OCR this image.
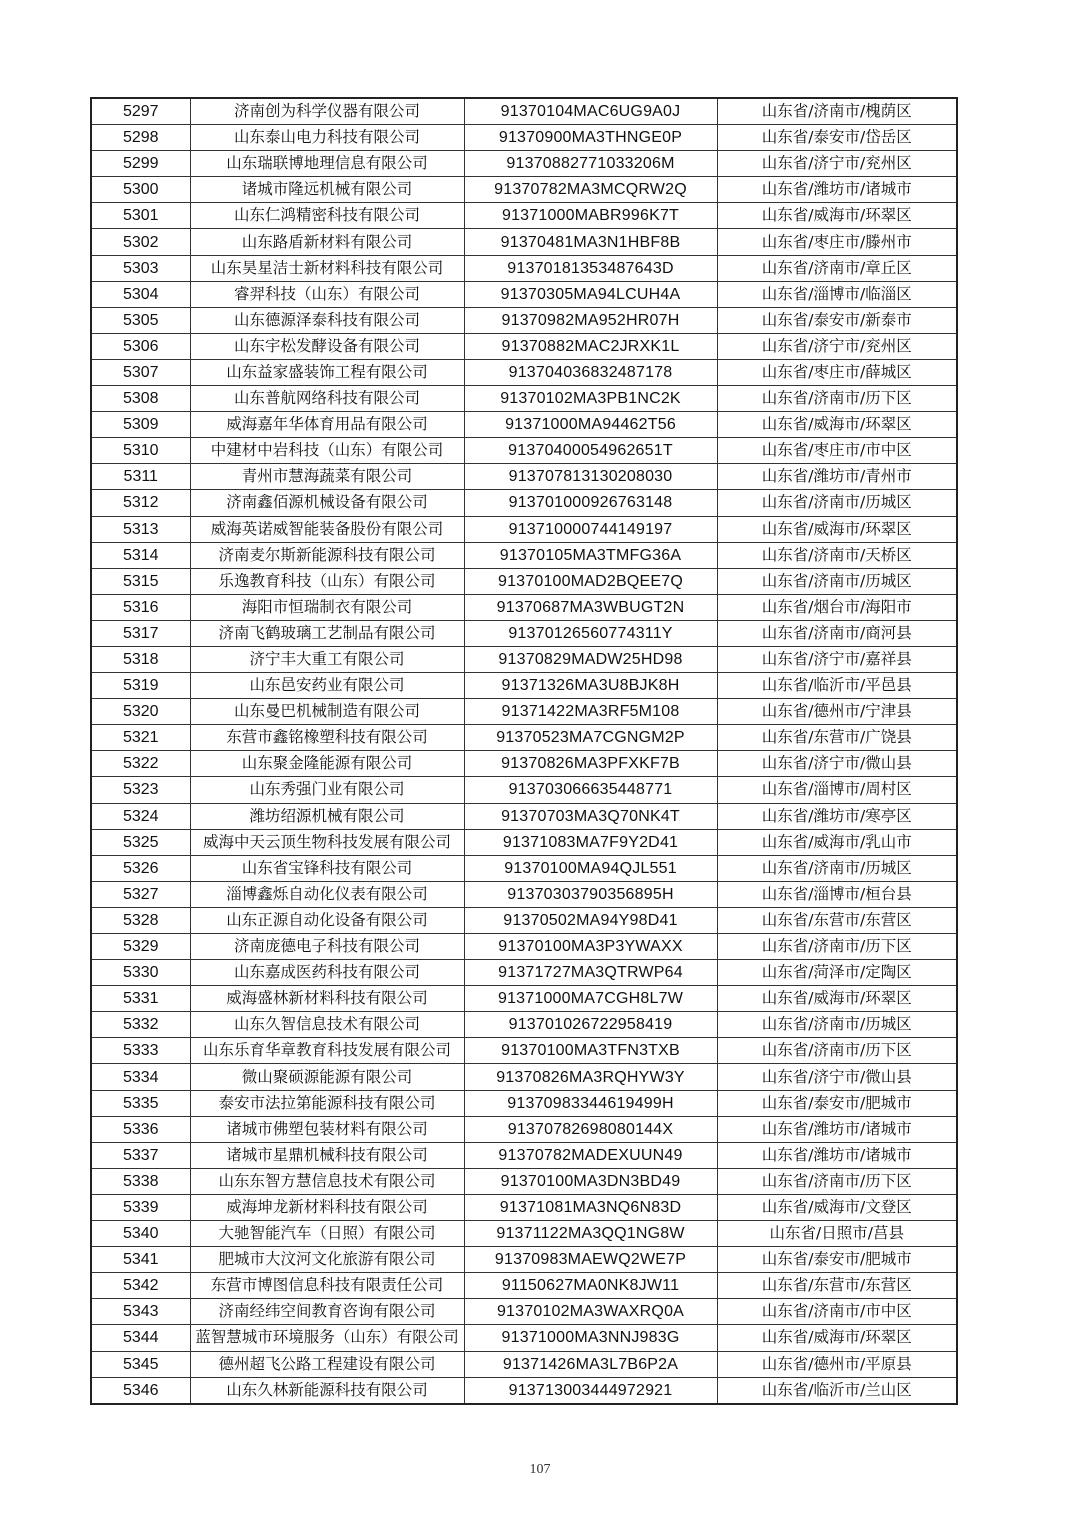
5297	济南创为科学仪器有限公司	91370104MAC6UG9A0J	山东省/济南市/槐荫区
5298	山东泰山电力科技有限公司	91370900MA3THNGE0P	山东省/泰安市/岱岳区
5299	山东瑞联博地理信息有限公司	91370882771033206M	山东省/济宁市/兖州区
5300	诸城市隆远机械有限公司	91370782MA3MCQRW2Q	山东省/潍坊市/诸城市
5301	山东仁鸿精密科技有限公司	91371000MABR996K7T	山东省/威海市/环翠区
5302	山东路盾新材料有限公司	91370481MA3N1HBF8B	山东省/枣庄市/滕州市
5303	山东昊星洁士新材料科技有限公司	91370181353487643D	山东省/济南市/章丘区
5304	睿羿科技（山东）有限公司	91370305MA94LCUH4A	山东省/淄博市/临淄区
5305	山东德源泽泰科技有限公司	91370982MA952HR07H	山东省/泰安市/新泰市
5306	山东宇松发酵设备有限公司	91370882MAC2JRXK1L	山东省/济宁市/兖州区
5307	山东益家盛装饰工程有限公司	913704036832487178	山东省/枣庄市/薛城区
5308	山东普航网络科技有限公司	91370102MA3PB1NC2K	山东省/济南市/历下区
5309	威海嘉年华体育用品有限公司	91371000MA94462T56	山东省/威海市/环翠区
5310	中建材中岩科技（山东）有限公司	91370400054962651T	山东省/枣庄市/市中区
5311	青州市慧海蔬菜有限公司	913707813130208030	山东省/潍坊市/青州市
5312	济南鑫佰源机械设备有限公司	913701000926763148	山东省/济南市/历城区
5313	威海英诺威智能装备股份有限公司	913710000744149197	山东省/威海市/环翠区
5314	济南麦尔斯新能源科技有限公司	91370105MA3TMFG36A	山东省/济南市/天桥区
5315	乐逸教育科技（山东）有限公司	91370100MAD2BQEE7Q	山东省/济南市/历城区
5316	海阳市恒瑞制衣有限公司	91370687MA3WBUGT2N	山东省/烟台市/海阳市
5317	济南飞鹤玻璃工艺制品有限公司	91370126560774311Y	山东省/济南市/商河县
5318	济宁丰大重工有限公司	91370829MADW25HD98	山东省/济宁市/嘉祥县
5319	山东邑安药业有限公司	91371326MA3U8BJK8H	山东省/临沂市/平邑县
5320	山东曼巴机械制造有限公司	91371422MA3RF5M108	山东省/德州市/宁津县
5321	东营市鑫铭橡塑科技有限公司	91370523MA7CGNGM2P	山东省/东营市/广饶县
5322	山东聚金隆能源有限公司	91370826MA3PFXKF7B	山东省/济宁市/微山县
5323	山东秀强门业有限公司	913703066635448771	山东省/淄博市/周村区
5324	潍坊绍源机械有限公司	91370703MA3Q70NK4T	山东省/潍坊市/寒亭区
5325	威海中天云顶生物科技发展有限公司	91371083MA7F9Y2D41	山东省/威海市/乳山市
5326	山东省宝锋科技有限公司	91370100MA94QJL551	山东省/济南市/历城区
5327	淄博鑫烁自动化仪表有限公司	91370303790356895H	山东省/淄博市/桓台县
5328	山东正源自动化设备有限公司	91370502MA94Y98D41	山东省/东营市/东营区
5329	济南庞德电子科技有限公司	91370100MA3P3YWAXX	山东省/济南市/历下区
5330	山东嘉成医药科技有限公司	91371727MA3QTRWP64	山东省/菏泽市/定陶区
5331	威海盛林新材料科技有限公司	91371000MA7CGH8L7W	山东省/威海市/环翠区
5332	山东久智信息技术有限公司	913701026722958419	山东省/济南市/历城区
5333	山东乐育华章教育科技发展有限公司	91370100MA3TFN3TXB	山东省/济南市/历下区
5334	微山聚硕源能源有限公司	91370826MA3RQHYW3Y	山东省/济宁市/微山县
5335	泰安市法拉第能源科技有限公司	91370983344619499H	山东省/泰安市/肥城市
5336	诸城市佛塑包装材料有限公司	91370782698080144X	山东省/潍坊市/诸城市
5337	诸城市星鼎机械科技有限公司	91370782MADEXUUN49	山东省/潍坊市/诸城市
5338	山东东智方慧信息技术有限公司	91370100MA3DN3BD49	山东省/济南市/历下区
5339	威海坤龙新材料科技有限公司	91371081MA3NQ6N83D	山东省/威海市/文登区
5340	大驰智能汽车（日照）有限公司	91371122MA3QQ1NG8W	山东省/日照市/莒县
5341	肥城市大汶河文化旅游有限公司	91370983MAEWQ2WE7P	山东省/泰安市/肥城市
5342	东营市博图信息科技有限责任公司	91150627MA0NK8JW11	山东省/东营市/东营区
5343	济南经纬空间教育咨询有限公司	91370102MA3WAXRQ0A	山东省/济南市/市中区
5344	蓝智慧城市环境服务（山东）有限公司	91371000MA3NNJ983G	山东省/威海市/环翠区
5345	德州超飞公路工程建设有限公司	91371426MA3L7B6P2A	山东省/德州市/平原县
5346	山东久林新能源科技有限公司	913713003444972921	山东省/临沂市/兰山区
107
